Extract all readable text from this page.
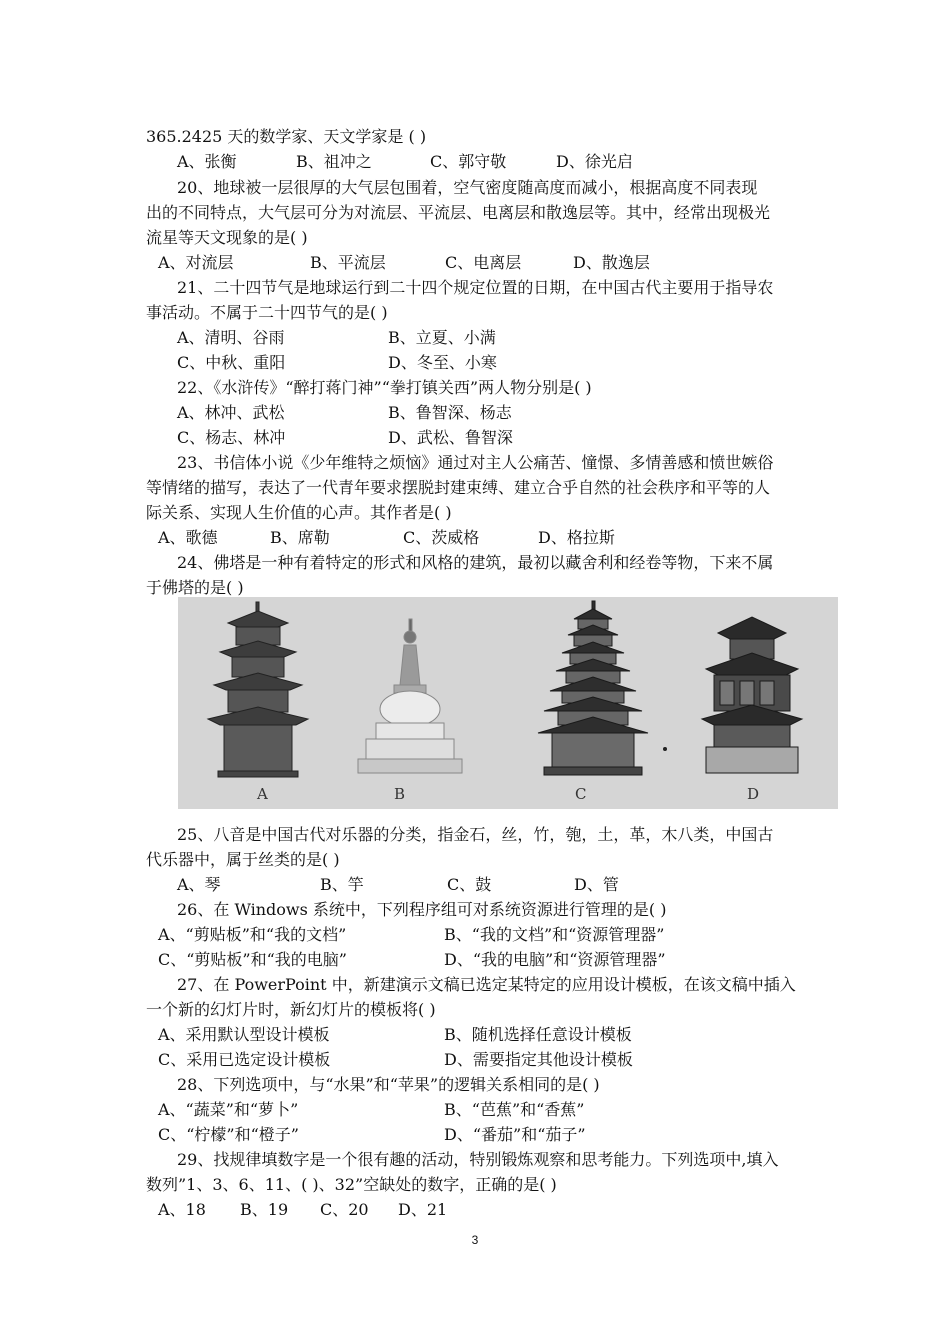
365.2425 天的数学家、天文学家是 ( )
A、张衡	B、祖冲之	C、郭守敬	D、徐光启
20、地球被一层很厚的大气层包围着，空气密度随高度而减小，根据高度不同表现
出的不同特点，大气层可分为对流层、平流层、电离层和散逸层等。其中，经常出现极光
流星等天文现象的是( )
A、对流层	B、平流层	C、电离层	D、散逸层
21、二十四节气是地球运行到二十四个规定位置的日期，在中国古代主要用于指导农
事活动。不属于二十四节气的是( )
A、清明、谷雨	B、立夏、小满
C、中秋、重阳	D、冬至、小寒
22、《水浒传》“醉打蒋门神”“拳打镇关西”两人物分别是( )
A、林冲、武松	B、鲁智深、杨志
C、杨志、林冲	D、武松、鲁智深
23、书信体小说《少年维特之烦恼》通过对主人公痛苦、憧憬、多情善感和愤世嫉俗
等情绪的描写，表达了一代青年要求摆脱封建束缚、建立合乎自然的社会秩序和平等的人
际关系、实现人生价值的心声。其作者是( )
A、歌德	B、席勒	C、茨威格	D、格拉斯
24、佛塔是一种有着特定的形式和风格的建筑，最初以藏舍利和经卷等物，下来不属
于佛塔的是( )
A	B	C	D
25、八音是中国古代对乐器的分类，指金石，丝，竹，匏，土，革，木八类，中国古
代乐器中，属于丝类的是( )
A、琴	B、竽	C、鼓	D、管
26、在 Windows 系统中，下列程序组可对系统资源进行管理的是( )
A、“剪贴板”和“我的文档”	B、“我的文档”和“资源管理器”
C、“剪贴板”和“我的电脑”	D、“我的电脑”和“资源管理器”
27、在 PowerPoint 中，新建演示文稿已选定某特定的应用设计模板，在该文稿中插入
一个新的幻灯片时，新幻灯片的模板将( )
A、采用默认型设计模板	B、随机选择任意设计模板
C、采用已选定设计模板	D、需要指定其他设计模板
28、下列选项中，与“水果”和“苹果”的逻辑关系相同的是( )
A、“蔬菜”和“萝卜”	B、“芭蕉”和“香蕉”
C、“柠檬”和“橙子”	D、“番茄”和“茄子”
29、找规律填数字是一个很有趣的活动，特别锻炼观察和思考能力。下列选项中,填入
数列”1、3、6、11、( )、32”空缺处的数字，正确的是( )
A、18 B、19 C、20 D、21
3
